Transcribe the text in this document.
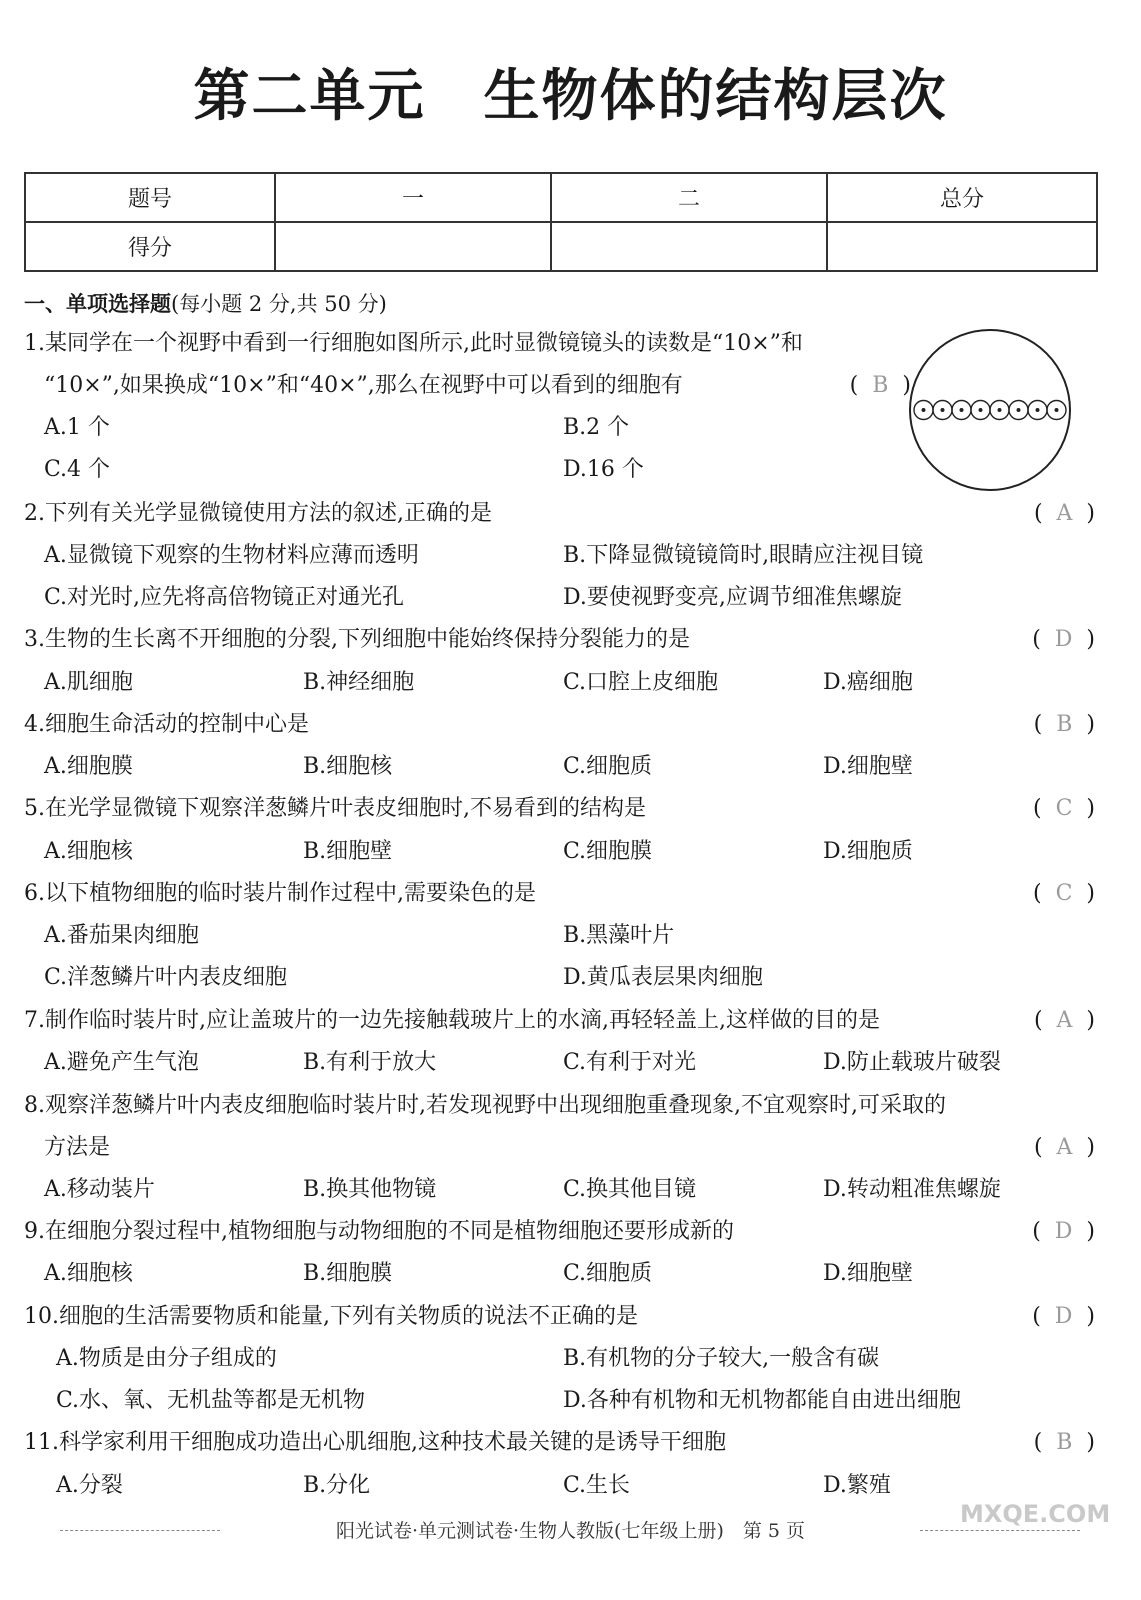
第二单元　生物体的结构层次
题号	一	二	总分
得分			
一、单项选择题(每小题 2 分,共 50 分)
1.某同学在一个视野中看到一行细胞如图所示,此时显微镜镜头的读数是“10×”和
“10×”,如果换成“10×”和“40×”,那么在视野中可以看到的细胞有	(  B  )
A.1 个	B.2 个
C.4 个	D.16 个
2.下列有关光学显微镜使用方法的叙述,正确的是	(  A  )
A.显微镜下观察的生物材料应薄而透明	B.下降显微镜镜筒时,眼睛应注视目镜
C.对光时,应先将高倍物镜正对通光孔	D.要使视野变亮,应调节细准焦螺旋
3.生物的生长离不开细胞的分裂,下列细胞中能始终保持分裂能力的是	(  D  )
A.肌细胞	B.神经细胞	C.口腔上皮细胞	D.癌细胞
4.细胞生命活动的控制中心是	(  B  )
A.细胞膜	B.细胞核	C.细胞质	D.细胞壁
5.在光学显微镜下观察洋葱鳞片叶表皮细胞时,不易看到的结构是	(  C  )
A.细胞核	B.细胞壁	C.细胞膜	D.细胞质
6.以下植物细胞的临时装片制作过程中,需要染色的是	(  C  )
A.番茄果肉细胞	B.黑藻叶片
C.洋葱鳞片叶内表皮细胞	D.黄瓜表层果肉细胞
7.制作临时装片时,应让盖玻片的一边先接触载玻片上的水滴,再轻轻盖上,这样做的目的是	(  A  )
A.避免产生气泡	B.有利于放大	C.有利于对光	D.防止载玻片破裂
8.观察洋葱鳞片叶内表皮细胞临时装片时,若发现视野中出现细胞重叠现象,不宜观察时,可采取的
方法是	(  A  )
A.移动装片	B.换其他物镜	C.换其他目镜	D.转动粗准焦螺旋
9.在细胞分裂过程中,植物细胞与动物细胞的不同是植物细胞还要形成新的	(  D  )
A.细胞核	B.细胞膜	C.细胞质	D.细胞壁
10.细胞的生活需要物质和能量,下列有关物质的说法不正确的是	(  D  )
A.物质是由分子组成的	B.有机物的分子较大,一般含有碳
C.水、氧、无机盐等都是无机物	D.各种有机物和无机物都能自由进出细胞
11.科学家利用干细胞成功造出心肌细胞,这种技术最关键的是诱导干细胞	(  B  )
A.分裂	B.分化	C.生长	D.繁殖
阳光试卷·单元测试卷·生物人教版(七年级上册)　第 5 页
MXQE.COM
